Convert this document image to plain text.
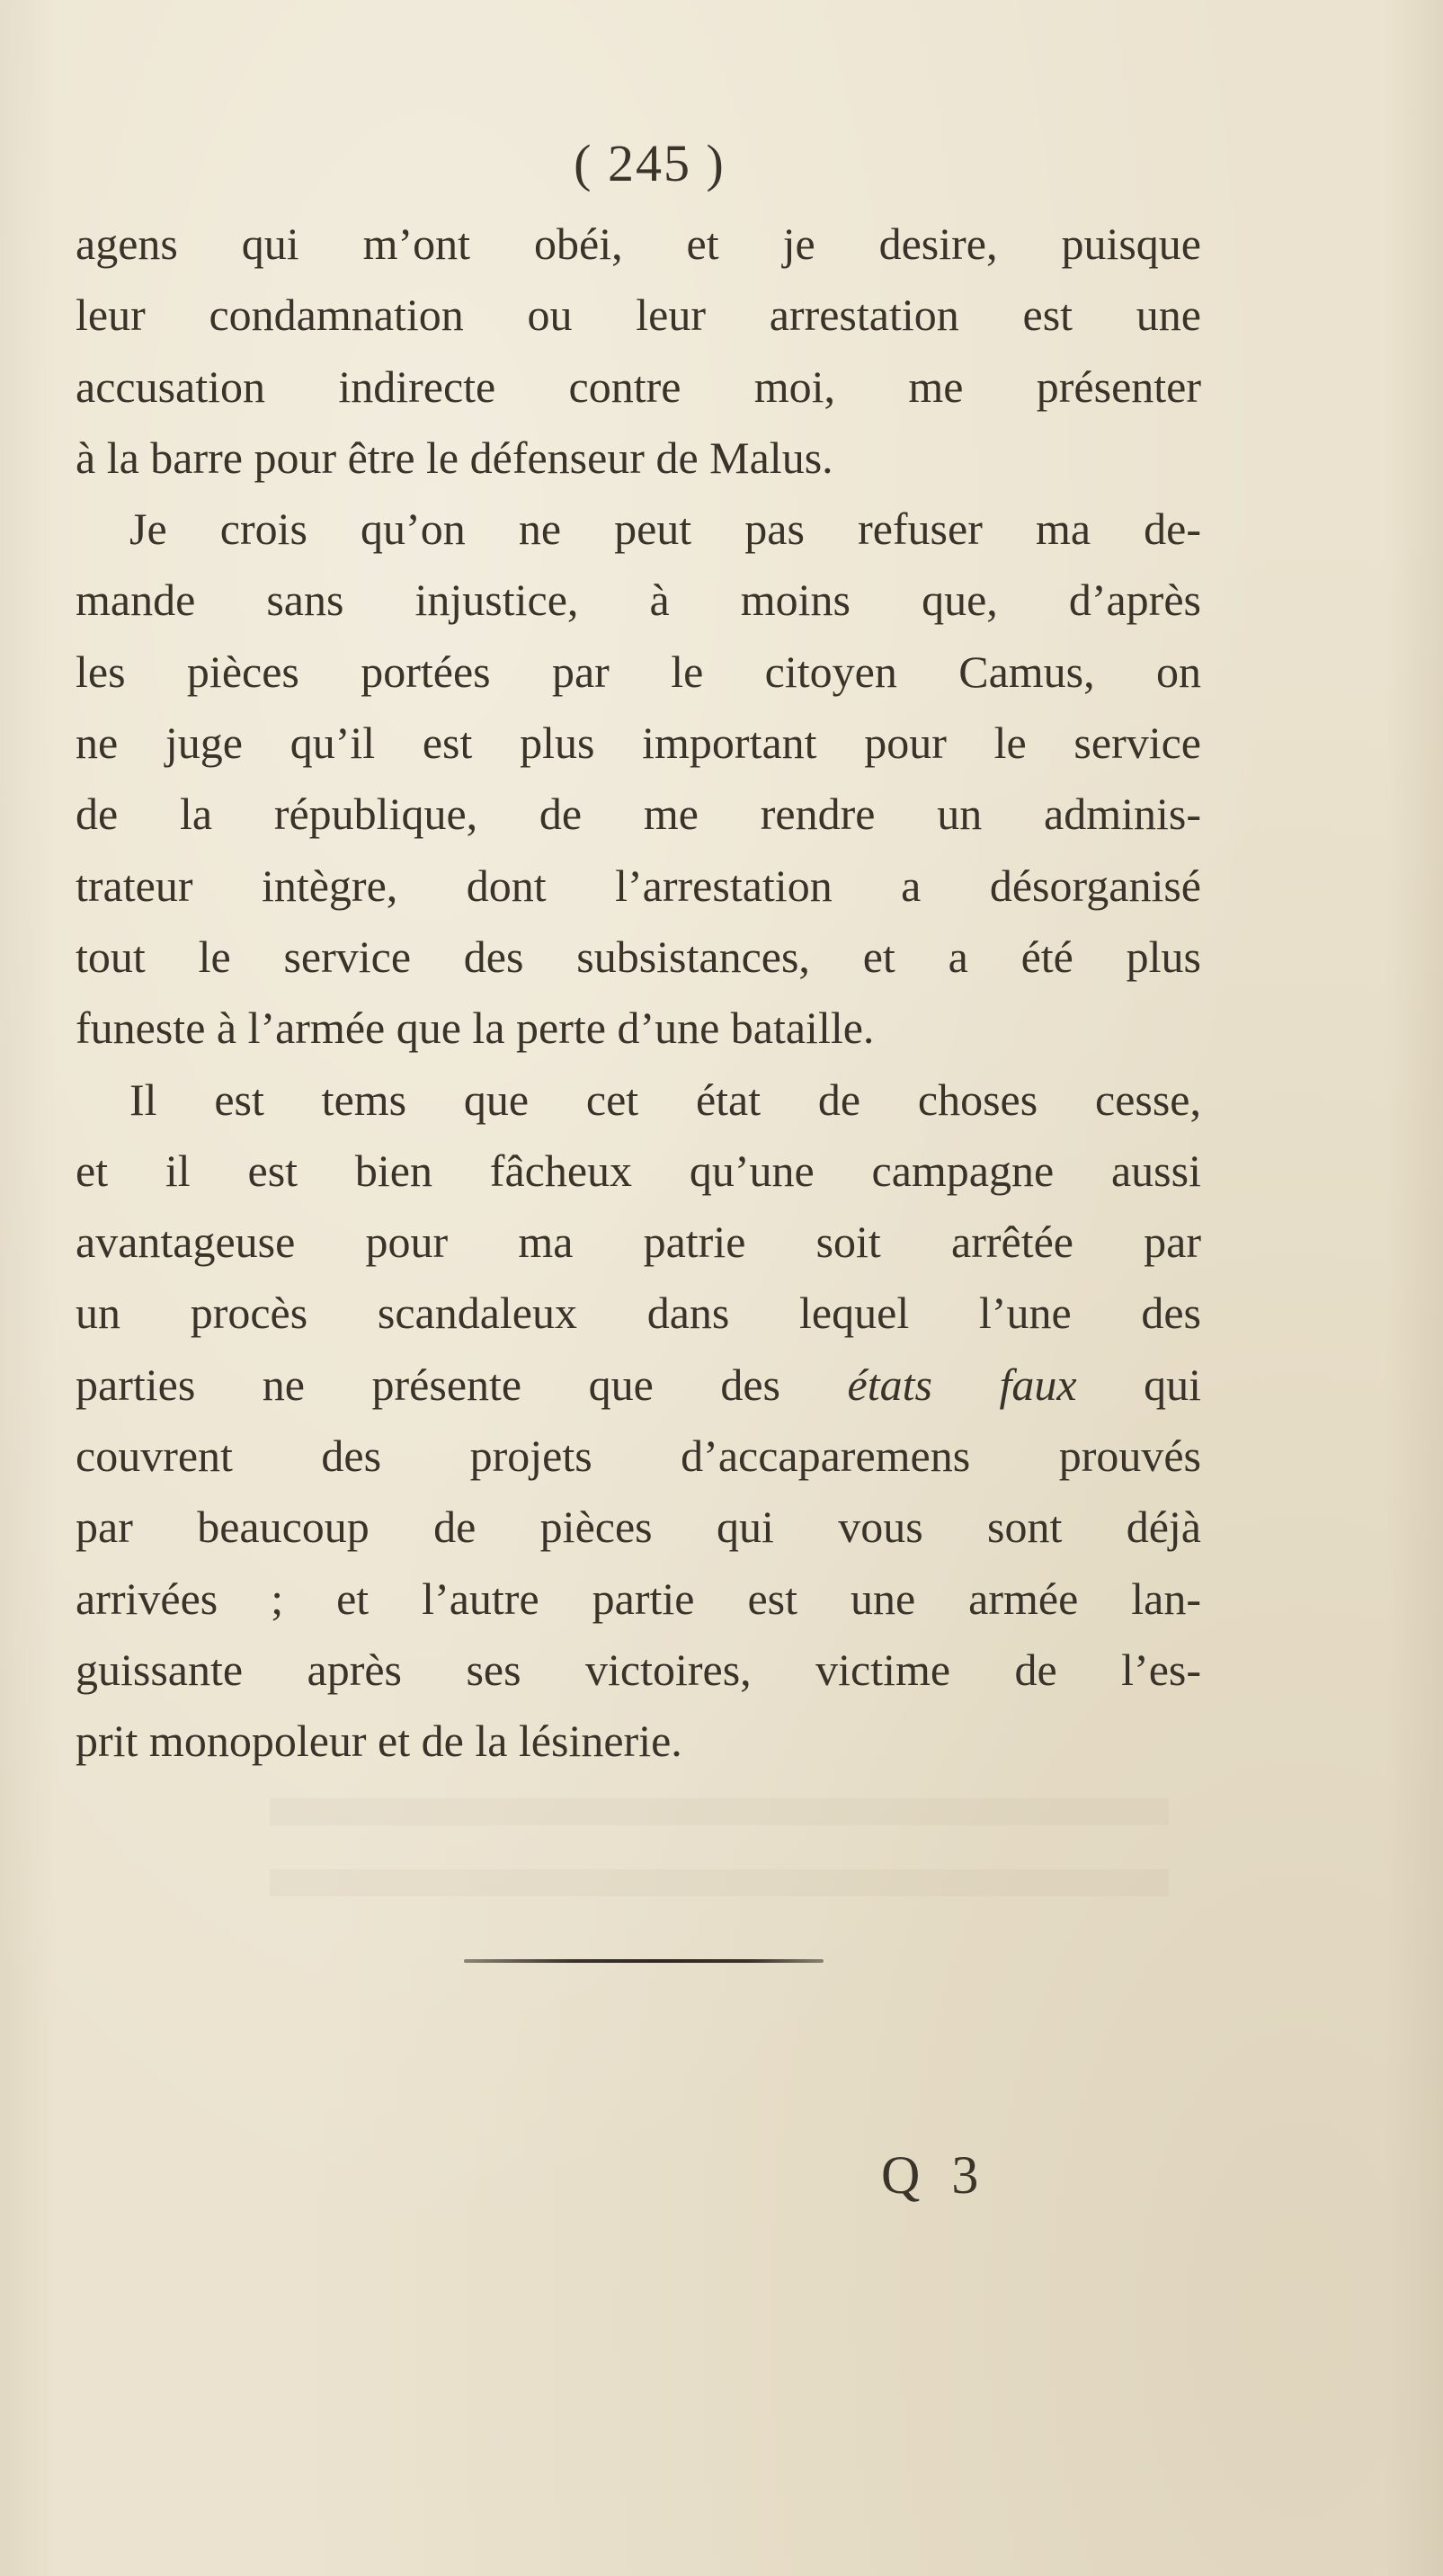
( 245 )
agens qui m’ont obéi, et je desire, puisque
leur condamnation ou leur arrestation est une
accusation indirecte contre moi, me présenter
à la barre pour être le défenseur de Malus.
Je crois qu’on ne peut pas refuser ma de-
mande sans injustice, à moins que, d’après
les pièces portées par le citoyen Camus, on
ne juge qu’il est plus important pour le service
de la république, de me rendre un adminis-
trateur intègre, dont l’arrestation a désorganisé
tout le service des subsistances, et a été plus
funeste à l’armée que la perte d’une bataille.
Il est tems que cet état de choses cesse,
et il est bien fâcheux qu’une campagne aussi
avantageuse pour ma patrie soit arrêtée par
un procès scandaleux dans lequel l’une des
parties ne présente que des états faux qui
couvrent des projets d’accaparemens prouvés
par beaucoup de pièces qui vous sont déjà
arrivées ; et l’autre partie est une armée lan-
guissante après ses victoires, victime de l’es-
prit monopoleur et de la lésinerie.
Q 3
